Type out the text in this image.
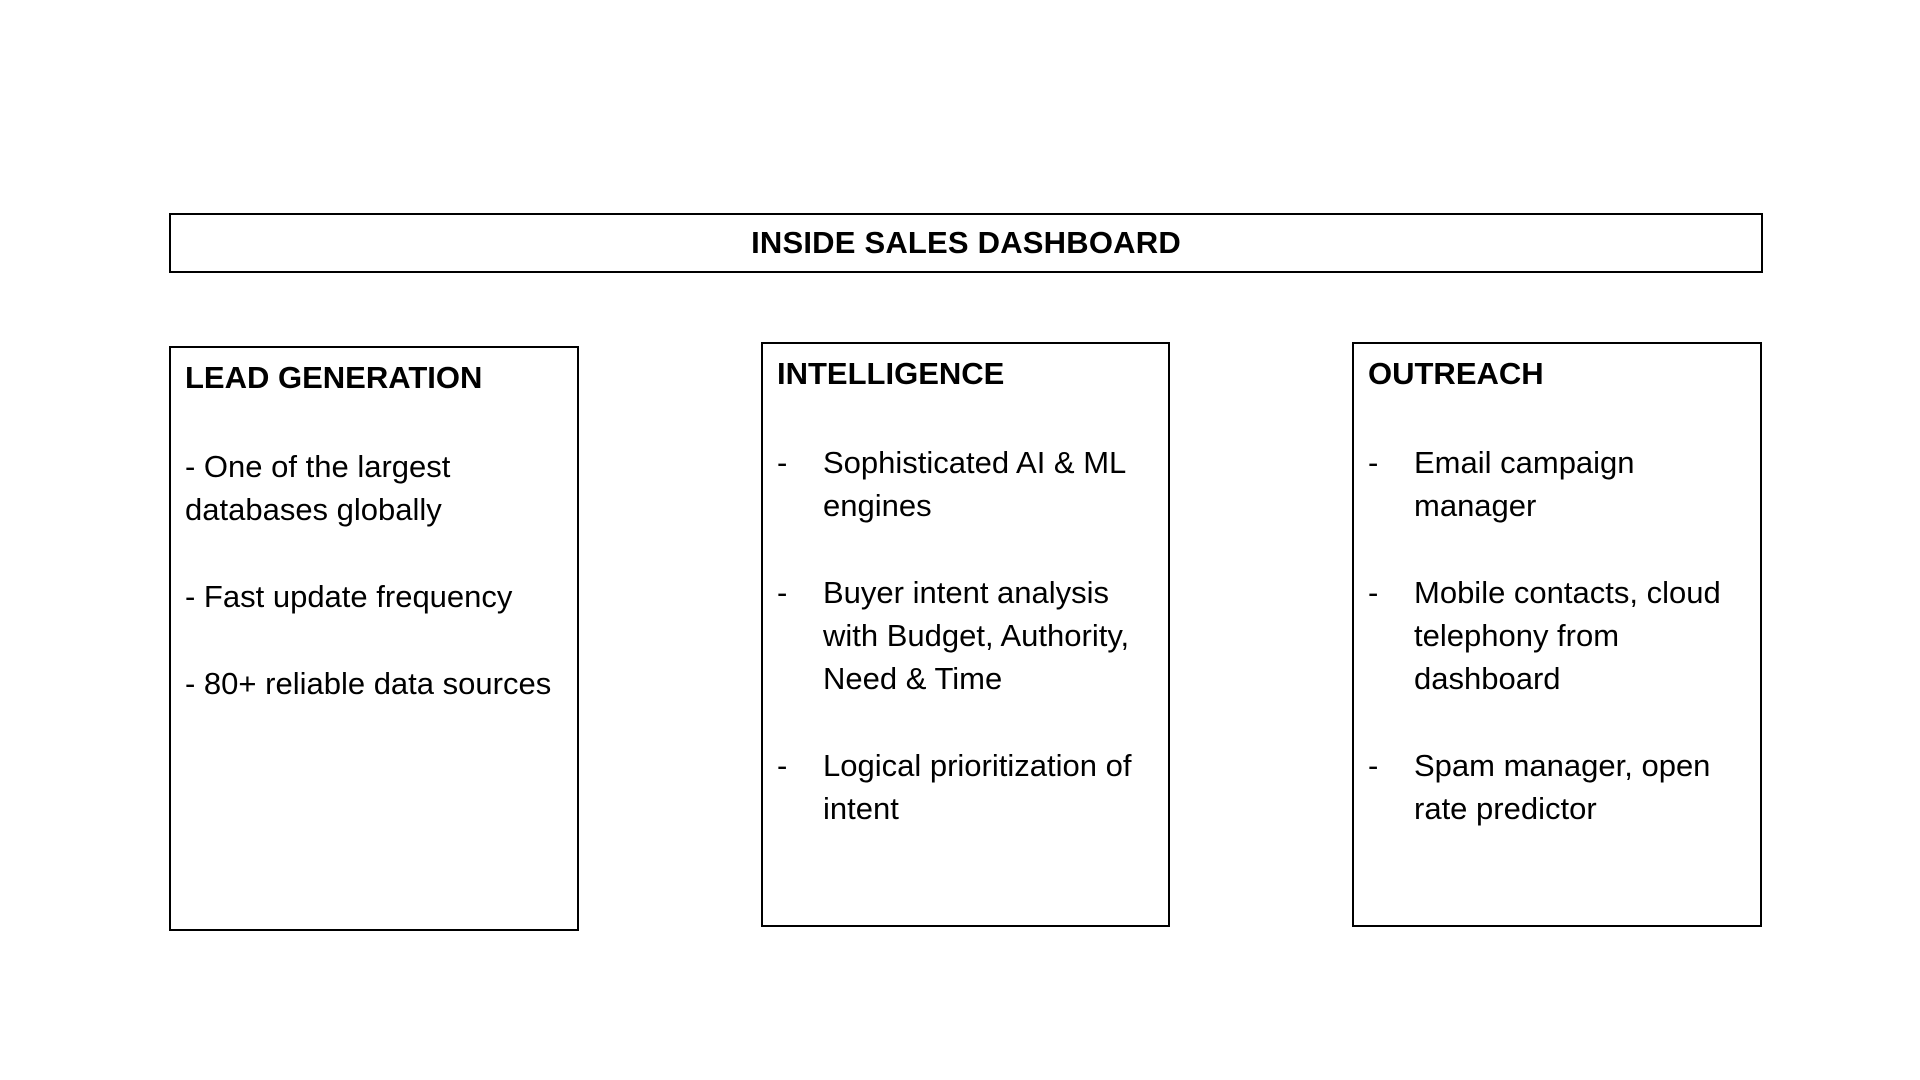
INSIDE SALES DASHBOARD

LEAD GENERATION

- One of the largest databases globally
- Fast update frequency
- 80+ reliable data sources

INTELLIGENCE

-	Sophisticated AI & ML engines
-	Buyer intent analysis with Budget, Authority, Need & Time
-	Logical prioritization of intent

OUTREACH

-	Email campaign manager
-	Mobile contacts, cloud telephony from dashboard
-	Spam manager, open rate predictor
